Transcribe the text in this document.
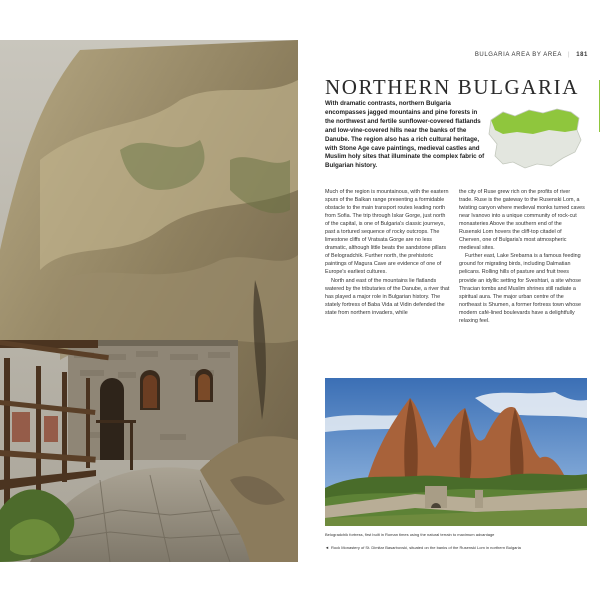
BULGARIA AREA BY AREA | 181
NORTHERN BULGARIA
With dramatic contrasts, northern Bulgaria encompasses jagged mountains and pine forests in the northwest and fertile sunflower-covered flatlands and low-vine-covered hills near the banks of the Danube. The region also has a rich cultural heritage, with Stone Age cave paintings, medieval castles and Muslim holy sites that illuminate the complex fabric of Bulgarian history.

Much of the region is mountainous, with the eastern spurs of the Balkan range presenting a formidable obstacle to the main transport routes leading north from Sofia. The trip through Iskar Gorge, just north of the capital, is one of Bulgaria's classic journeys, past a tortured sequence of rocky outcrops. The limestone cliffs of Vratsata Gorge are no less dramatic, although little beats the sandstone pillars of Belogradchik. Further north, the prehistoric paintings of Magura Cave are evidence of one of Europe's earliest cultures.

North and east of the mountains lie flatlands watered by the tributaries of the Danube, a river that has played a major role in Bulgarian history. The stately fortress of Baba Vida at Vidin defended the state from northern invaders, while

the city of Ruse grew rich on the profits of river trade. Ruse is the gateway to the Rusenski Lom, a twisting canyon where medieval monks turned caves near Ivanovo into a unique community of rock-cut monasteries Above the southern end of the Rusenski Lom hovers the cliff-top citadel of Cherven, one of Bulgaria's most atmospheric medieval sites.

Further east, Lake Srebarna is a famous feeding ground for migrating birds, including Dalmatian pelicans. Rolling hills of pasture and fruit trees provide an idyllic setting for Sveshtari, a site whose Thracian tombs and Muslim shrines still radiate a spiritual aura. The major urban centre of the northeast is Shumen, a former fortress town whose modern café-lined boulevards have a delightfully relaxing feel.

Belogradchik fortress, first built in Roman times using the natural terrain to maximum advantage
◄ Rock Monastery of St. Dimitar Basarbovski, situated on the banks of the Rusenski Lom in northern Bulgaria
